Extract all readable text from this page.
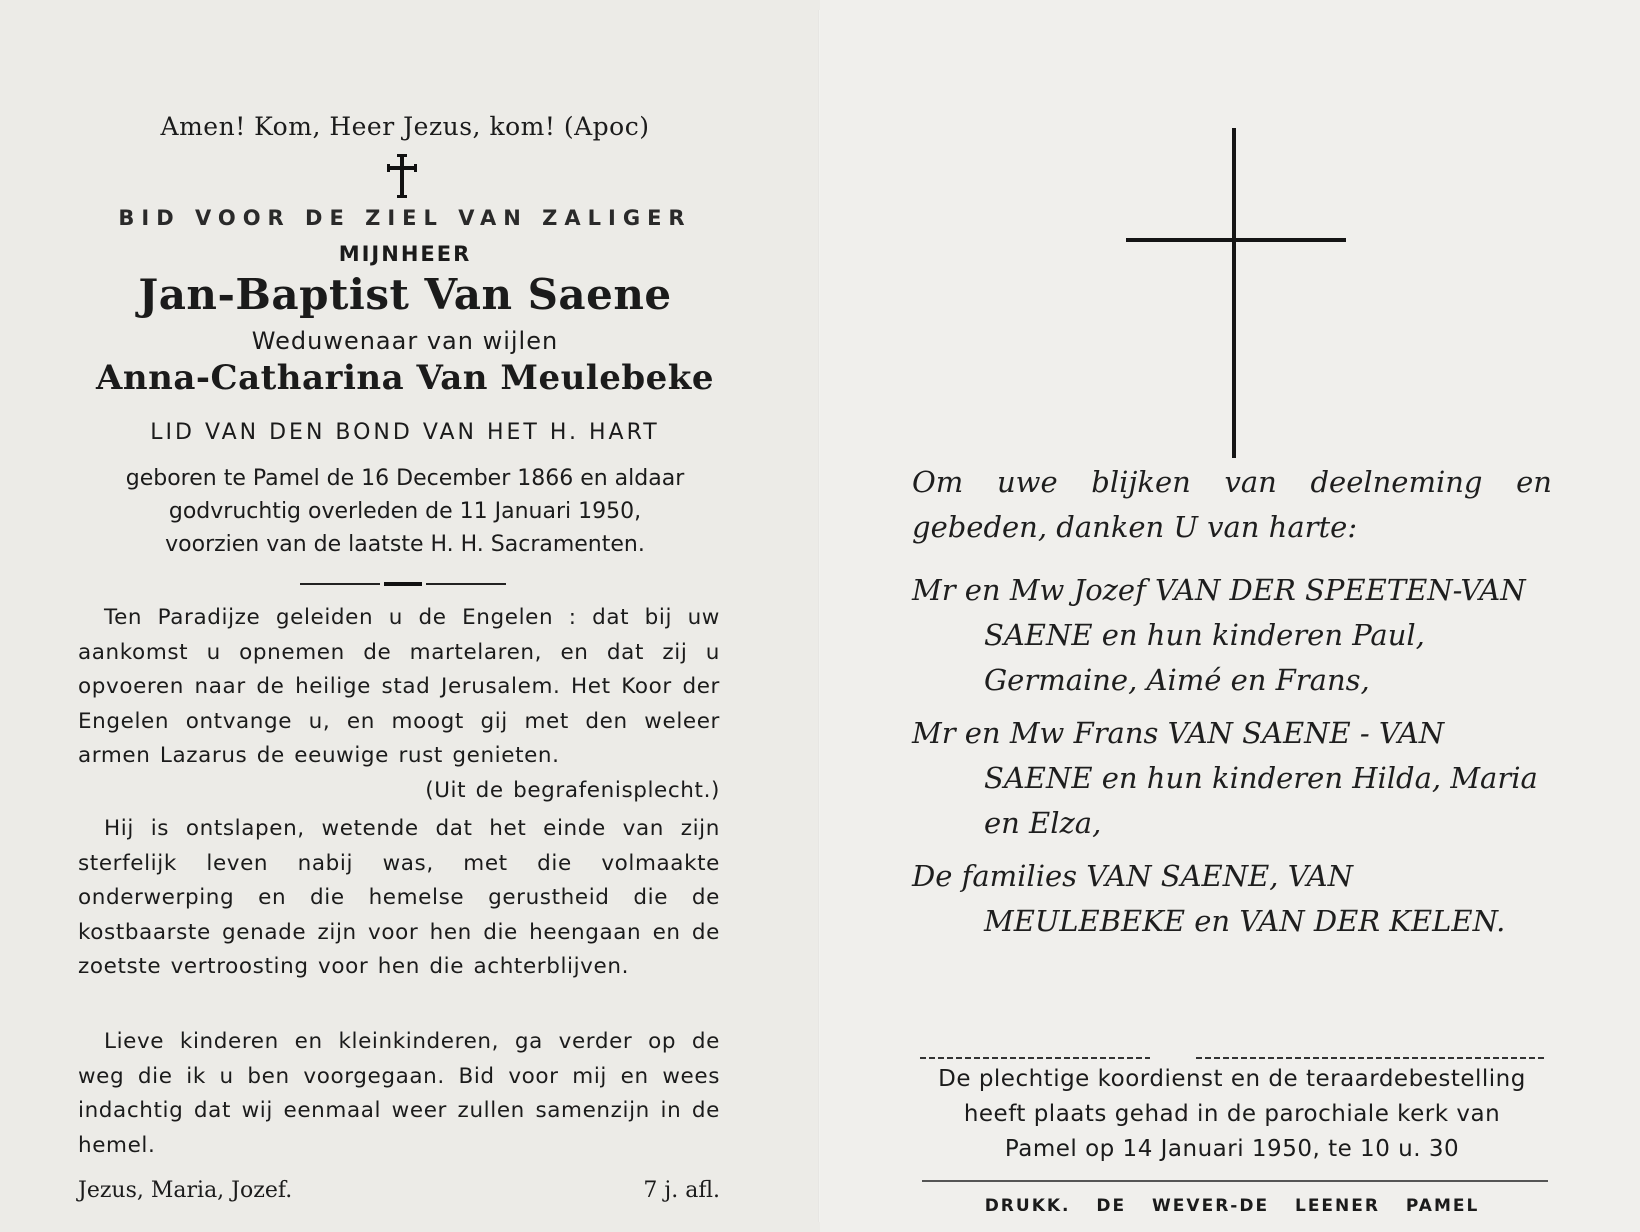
Amen! Kom, Heer Jezus, kom! (Apoc)
BID VOOR DE ZIEL VAN ZALIGER
MIJNHEER
Jan-Baptist Van Saene
Weduwenaar van wijlen
Anna-Catharina Van Meulebeke
LID VAN DEN BOND VAN HET H. HART
geboren te Pamel de 16 December 1866 en aldaar
godvruchtig overleden de 11 Januari 1950,
voorzien van de laatste H. H. Sacramenten.

Ten Paradijze geleiden u de Engelen : dat bij uw aankomst u opnemen de martelaren, en dat zij u opvoeren naar de heilige stad Jerusalem. Het Koor der Engelen ontvange u, en moogt gij met den weleer armen Lazarus de eeuwige rust genieten.

(Uit de begrafenisplecht.)

Hij is ontslapen, wetende dat het einde van zijn sterfelijk leven nabij was, met die volmaakte onderwerping en die hemelse gerustheid die de kostbaarste genade zijn voor hen die heengaan en de zoetste vertroosting voor hen die achterblijven.

Lieve kinderen en kleinkinderen, ga verder op de weg die ik u ben voorgegaan. Bid voor mij en wees indachtig dat wij eenmaal weer zullen samenzijn in de hemel.

Jezus, Maria, Jozef.	7 j. afl.

Om uwe blijken van deelneming en gebeden, danken U van harte:

Mr en Mw Jozef VAN DER SPEETEN-VAN SAENE en hun kinderen Paul, Germaine, Aimé en Frans,

Mr en Mw Frans VAN SAENE - VAN SAENE en hun kinderen Hilda, Maria en Elza,

De families VAN SAENE, VAN MEULEBEKE en VAN DER KELEN.

De plechtige koordienst en de teraardebestelling
heeft plaats gehad in de parochiale kerk van
Pamel op 14 Januari 1950, te 10 u. 30
DRUKK. DE WEVER-DE LEENER PAMEL
